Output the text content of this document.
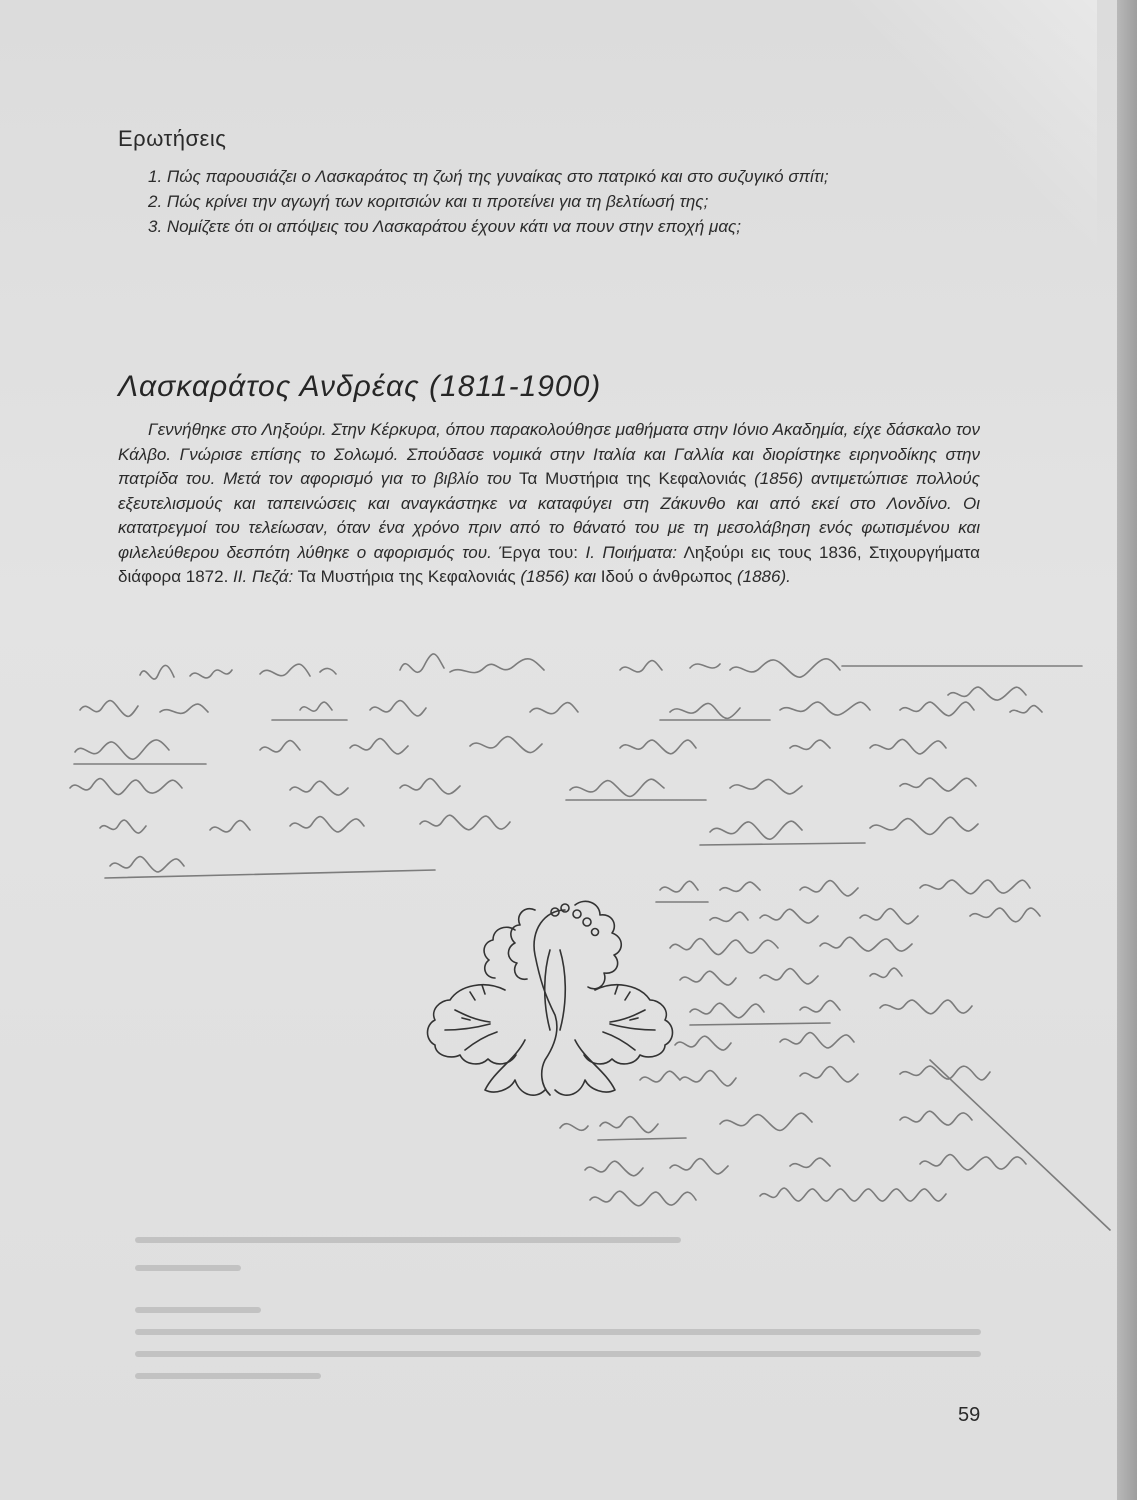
Ερωτήσεις
1. Πώς παρουσιάζει ο Λασκαράτος τη ζωή της γυναίκας στο πατρικό και στο συζυγικό σπίτι;
2. Πώς κρίνει την αγωγή των κοριτσιών και τι προτείνει για τη βελτίωσή της;
3. Νομίζετε ότι οι απόψεις του Λασκαράτου έχουν κάτι να πουν στην εποχή μας;
Λασκαράτος Ανδρέας (1811-1900)

Γεννήθηκε στο Ληξούρι. Στην Κέρκυρα, όπου παρακολούθησε μαθήματα στην Ιόνιο Ακαδημία, είχε δάσκαλο τον Κάλβο. Γνώρισε επίσης το Σολωμό. Σπούδασε νομικά στην Ιταλία και Γαλλία και διορίστηκε ειρηνοδίκης στην πατρίδα του. Μετά τον αφορισμό για το βιβλίο του Τα Μυστήρια της Κεφαλονιάς (1856) αντιμετώπισε πολλούς εξευτελισμούς και ταπεινώσεις και αναγκάστηκε να καταφύγει στη Ζάκυνθο και από εκεί στο Λονδίνο. Οι κατατρεγμοί του τελείωσαν, όταν ένα χρόνο πριν από το θάνατό του με τη μεσολάβηση ενός φωτισμένου και φιλελεύθερου δεσπότη λύθηκε ο αφορισμός του. Έργα του: Ι. Ποιήματα: Ληξούρι εις τους 1836, Στιχουργήματα διάφορα 1872. ΙΙ. Πεζά: Τα Μυστήρια της Κεφαλονιάς (1856) και Ιδού ο άνθρωπος (1886).

59
